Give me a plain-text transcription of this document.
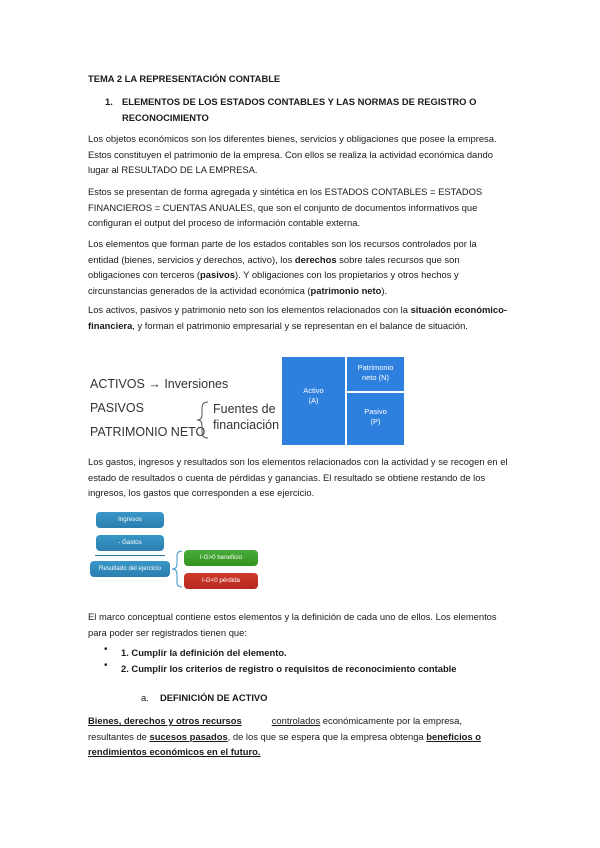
TEMA 2 LA REPRESENTACIÓN CONTABLE
1. ELEMENTOS DE LOS ESTADOS CONTABLES Y LAS NORMAS DE REGISTRO O
RECONOCIMIENTO
Los objetos económicos son los diferentes bienes, servicios y obligaciones que posee la empresa. Estos constituyen el patrimonio de la empresa. Con ellos se realiza la actividad económica dando lugar al RESULTADO DE LA EMPRESA.
Estos se presentan de forma agregada y sintética en los ESTADOS CONTABLES = ESTADOS FINANCIEROS = CUENTAS ANUALES, que son el conjunto de documentos informativos que configuran el output del proceso de información contable externa.
Los elementos que forman parte de los estados contables son los recursos controlados por la entidad (bienes, servicios y derechos, activo), los derechos sobre tales recursos que son obligaciones con terceros (pasivos). Y obligaciones con los propietarios y otros hechos y circunstancias generados de la actividad económica (patrimonio neto).
Los activos, pasivos y patrimonio neto son los elementos relacionados con la situación económico-financiera, y forman el patrimonio empresarial y se representan en el balance de situación.
ACTIVOS → Inversiones
PASIVOS
PATRIMONIO NETO
Fuentes de
financiación
Activo
(A)
Patrimonio
neto (N)
Pasivo
(P)
Los gastos, ingresos y resultados son los elementos relacionados con la actividad y se recogen en el estado de resultados o cuenta de pérdidas y ganancias. El resultado se obtiene restando de los ingresos, los gastos que corresponden a ese ejercicio.
Ingresos
- Gastos
Resultado del ejercicio
I-G>0 beneficio
I-G<0 pérdida
El marco conceptual contiene estos elementos y la definición de cada uno de ellos. Los elementos para poder ser registrados tienen que:
• 1. Cumplir la definición del elemento.
• 2. Cumplir los criterios de registro o requisitos de reconocimiento contable
a. DEFINICIÓN DE ACTIVO
Bienes, derechos y otros recursos	controlados económicamente por la empresa, resultantes de sucesos pasados, de los que se espera que la empresa obtenga beneficios o rendimientos económicos en el futuro.
